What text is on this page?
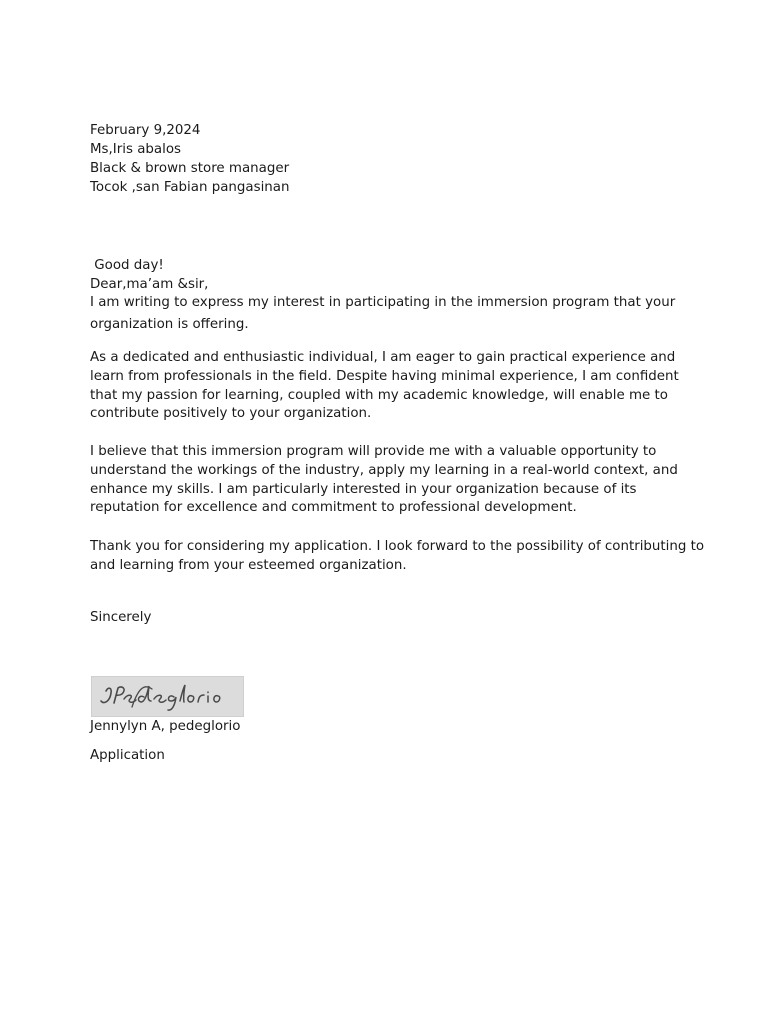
February 9,2024
Ms,Iris abalos
Black & brown store manager
Tocok ,san Fabian pangasinan
Good day!
Dear,ma’am &sir,
I am writing to express my interest in participating in the immersion program that your
organization is offering.
As a dedicated and enthusiastic individual, I am eager to gain practical experience and
learn from professionals in the field. Despite having minimal experience, I am confident
that my passion for learning, coupled with my academic knowledge, will enable me to
contribute positively to your organization.
I believe that this immersion program will provide me with a valuable opportunity to
understand the workings of the industry, apply my learning in a real-world context, and
enhance my skills. I am particularly interested in your organization because of its
reputation for excellence and commitment to professional development.
Thank you for considering my application. I look forward to the possibility of contributing to
and learning from your esteemed organization.
Sincerely
Jennylyn A, pedeglorio
Application
